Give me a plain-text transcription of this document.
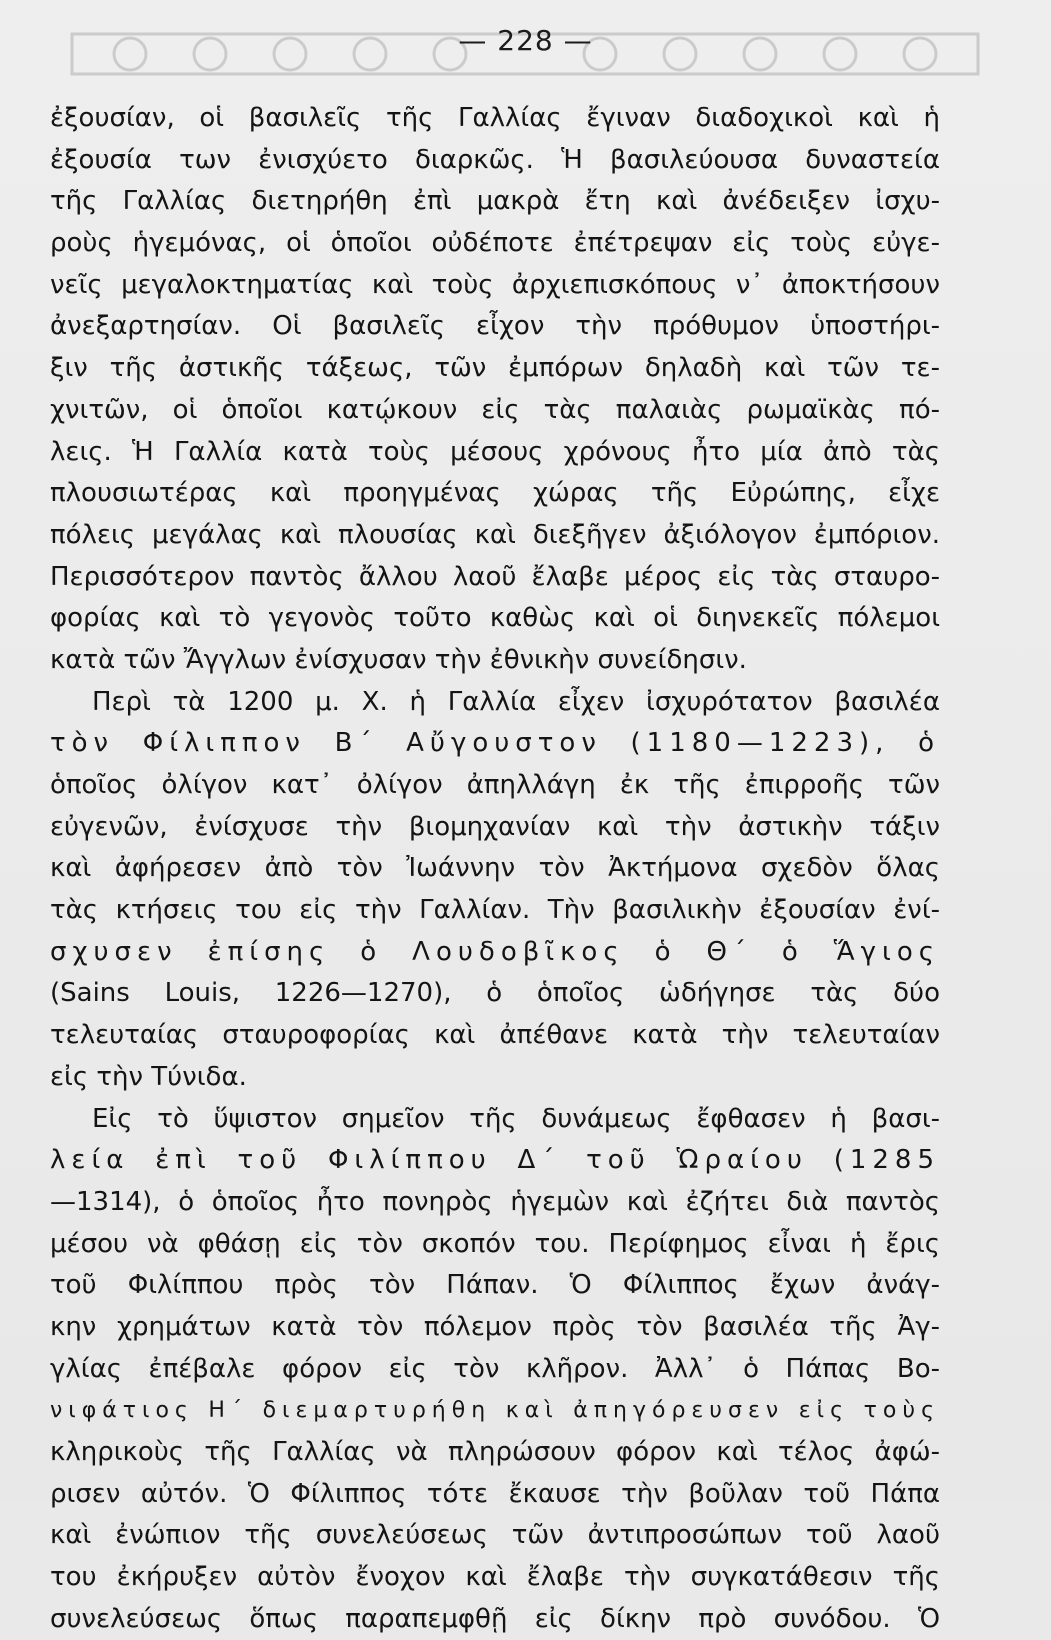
— 228 —
ἐξουσίαν, οἱ βασιλεῖς τῆς Γαλλίας ἔγιναν διαδοχικοὶ καὶ ἡ
ἐξουσία των ἐνισχύετο διαρκῶς. Ἡ βασιλεύουσα δυναστεία
τῆς Γαλλίας διετηρήθη ἐπὶ μακρὰ ἔτη καὶ ἀνέδειξεν ἰσχυ-
ροὺς ἡγεμόνας, οἱ ὁποῖοι οὐδέποτε ἐπέτρεψαν εἰς τοὺς εὐγε-
νεῖς μεγαλοκτηματίας καὶ τοὺς ἀρχιεπισκόπους ν᾽ ἀποκτήσουν
ἀνεξαρτησίαν. Οἱ βασιλεῖς εἶχον τὴν πρόθυμον ὑποστήρι-
ξιν τῆς ἀστικῆς τάξεως, τῶν ἐμπόρων δηλαδὴ καὶ τῶν τε-
χνιτῶν, οἱ ὁποῖοι κατῴκουν εἰς τὰς παλαιὰς ρωμαϊκὰς πό-
λεις. Ἡ Γαλλία κατὰ τοὺς μέσους χρόνους ἦτο μία ἀπὸ τὰς
πλουσιωτέρας καὶ προηγμένας χώρας τῆς Εὐρώπης, εἶχε
πόλεις μεγάλας καὶ πλουσίας καὶ διεξῆγεν ἀξιόλογον ἐμπόριον.
Περισσότερον παντὸς ἄλλου λαοῦ ἔλαβε μέρος εἰς τὰς σταυρο-
φορίας καὶ τὸ γεγονὸς τοῦτο καθὼς καὶ οἱ διηνεκεῖς πόλεμοι
κατὰ τῶν Ἄγγλων ἐνίσχυσαν τὴν ἐθνικὴν συνείδησιν.
Περὶ τὰ 1200 μ. Χ. ἡ Γαλλία εἶχεν ἰσχυρότατον βασιλέα
τὸν Φίλιππον Β΄ Αὔγουστον (1180—1223), ὁ
ὁποῖος ὀλίγον κατ᾽ ὀλίγον ἀπηλλάγη ἐκ τῆς ἐπιρροῆς τῶν
εὐγενῶν, ἐνίσχυσε τὴν βιομηχανίαν καὶ τὴν ἀστικὴν τάξιν
καὶ ἀφήρεσεν ἀπὸ τὸν Ἰωάννην τὸν Ἀκτήμονα σχεδὸν ὅλας
τὰς κτήσεις του εἰς τὴν Γαλλίαν. Τὴν βασιλικὴν ἐξουσίαν ἐνί-
σχυσεν ἐπίσης ὁ Λουδοβῖκος ὁ Θ΄ ὁ Ἅγιος
(Sains Louis, 1226—1270), ὁ ὁποῖος ὡδήγησε τὰς δύο
τελευταίας σταυροφορίας καὶ ἀπέθανε κατὰ τὴν τελευταίαν
εἰς τὴν Τύνιδα.
Εἰς τὸ ὕψιστον σημεῖον τῆς δυνάμεως ἔφθασεν ἡ βασι-
λεία ἐπὶ τοῦ Φιλίππου Δ΄ τοῦ Ὡραίου (1285
—1314), ὁ ὁποῖος ἦτο πονηρὸς ἡγεμὼν καὶ ἐζήτει διὰ παντὸς
μέσου νὰ φθάσῃ εἰς τὸν σκοπόν του. Περίφημος εἶναι ἡ ἔρις
τοῦ Φιλίππου πρὸς τὸν Πάπαν. Ὁ Φίλιππος ἔχων ἀνάγ-
κην χρημάτων κατὰ τὸν πόλεμον πρὸς τὸν βασιλέα τῆς Ἀγ-
γλίας ἐπέβαλε φόρον εἰς τὸν κλῆρον. Ἀλλ᾽ ὁ Πάπας Βο-
νιφάτιος Η΄ διεμαρτυρήθη καὶ ἀπηγόρευσεν εἰς τοὺς
κληρικοὺς τῆς Γαλλίας νὰ πληρώσουν φόρον καὶ τέλος ἀφώ-
ρισεν αὐτόν. Ὁ Φίλιππος τότε ἔκαυσε τὴν βοῦλαν τοῦ Πάπα
καὶ ἐνώπιον τῆς συνελεύσεως τῶν ἀντιπροσώπων τοῦ λαοῦ
του ἐκήρυξεν αὐτὸν ἔνοχον καὶ ἔλαβε τὴν συγκατάθεσιν τῆς
συνελεύσεως ὅπως παραπεμφθῇ εἰς δίκην πρὸ συνόδου. Ὁ
